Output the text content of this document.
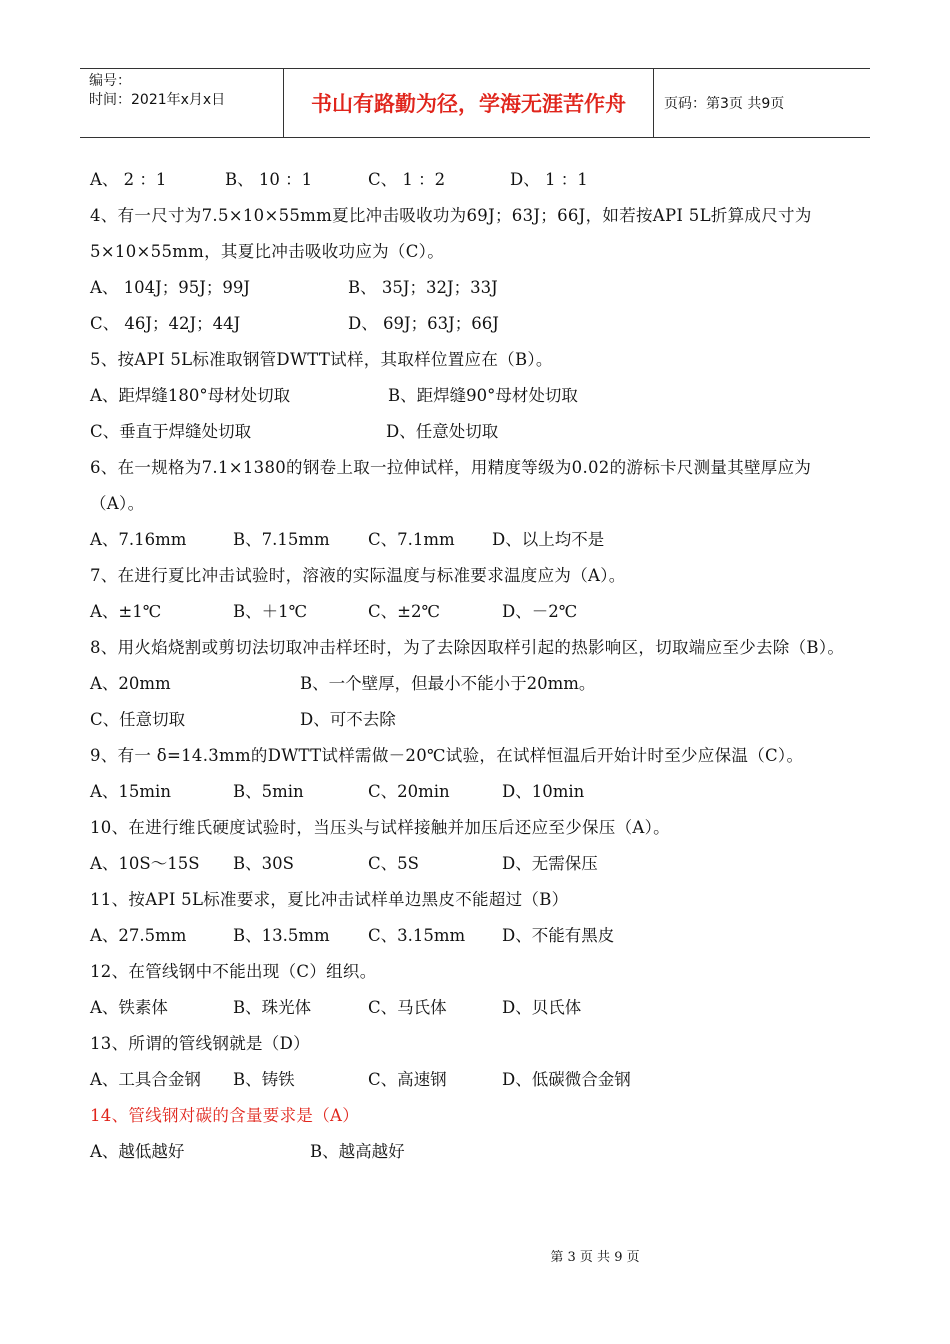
编号：
时间：2021年x月x日	书山有路勤为径，学海无涯苦作舟	页码：第3页 共9页
A、 2 ：1	B、 10 ：1	C、 1 ：2	D、 1 ：1
4、有一尺寸为7.5×10×55mm夏比冲击吸收功为69J；63J；66J，如若按API 5L折算成尺寸为5×10×55mm，其夏比冲击吸收功应为（C）。
A、 104J；95J；99J	B、 35J；32J；33J
C、 46J；42J；44J	D、 69J；63J；66J
5、按API 5L标准取钢管DWTT试样，其取样位置应在（B）。
A、距焊缝180°母材处切取	B、距焊缝90°母材处切取
C、垂直于焊缝处切取	D、任意处切取
6、在一规格为7.1×1380的钢卷上取一拉伸试样，用精度等级为0.02的游标卡尺测量其壁厚应为（A）。
A、7.16mm	B、7.15mm C、7.1mm D、以上均不是
7、在进行夏比冲击试验时，溶液的实际温度与标准要求温度应为（A）。
A、±1℃	B、＋1℃	C、±2℃	D、－2℃
8、用火焰烧割或剪切法切取冲击样坯时，为了去除因取样引起的热影响区，切取端应至少去除（B）。
A、20mm	B、一个壁厚，但最小不能小于20mm。
C、任意切取	D、可不去除
9、有一 δ=14.3mm的DWTT试样需做－20℃试验，在试样恒温后开始计时至少应保温（C）。
A、15min	B、5min	C、20min	D、10min
10、在进行维氏硬度试验时，当压头与试样接触并加压后还应至少保压（A）。
A、10S～15S B、30S	C、5S	D、无需保压
11、按API 5L标准要求，夏比冲击试样单边黑皮不能超过（B）
A、27.5mm	B、13.5mm C、3.15mm D、不能有黑皮
12、在管线钢中不能出现（C）组织。
A、铁素体	B、珠光体	C、马氏体	D、贝氏体
13、所谓的管线钢就是（D）
A、工具合金钢 B、铸铁	C、高速钢	D、低碳微合金钢
14、管线钢对碳的含量要求是（A）
A、越低越好	B、越高越好
第 3 页 共 9 页
